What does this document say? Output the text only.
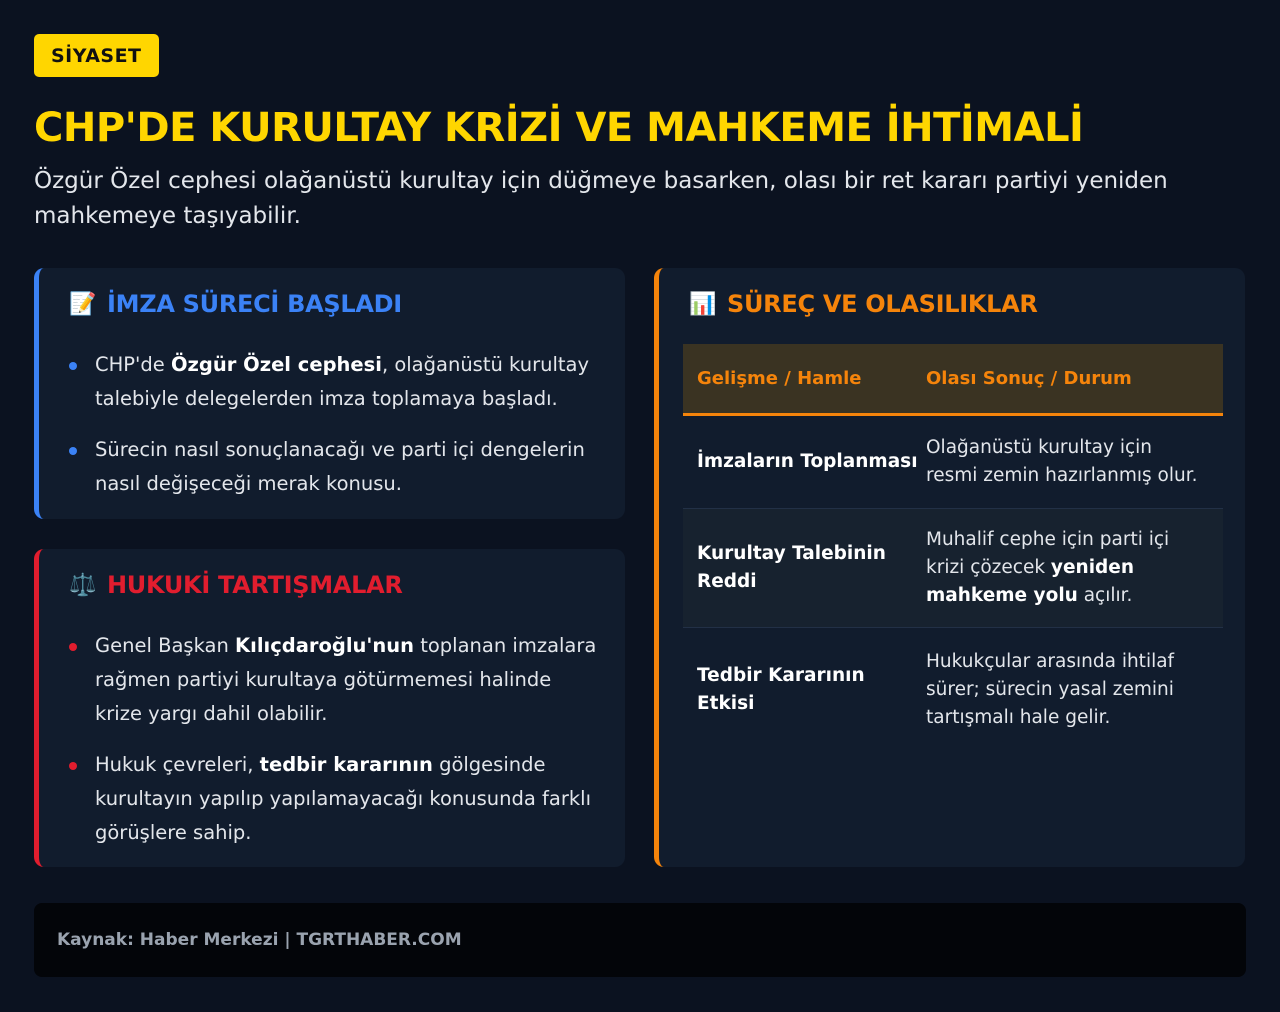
SİYASET
CHP'DE KURULTAY KRİZİ VE MAHKEME İHTİMALİ

Özgür Özel cephesi olağanüstü kurultay için düğmeye basarken, olası bir ret kararı partiyi yeniden mahkemeye taşıyabilir.

📝 İMZA SÜRECİ BAŞLADI
CHP'de Özgür Özel cephesi, olağanüstü kurultay talebiyle delegelerden imza toplamaya başladı.
Sürecin nasıl sonuçlanacağı ve parti içi dengelerin nasıl değişeceği merak konusu.
⚖️ HUKUKİ TARTIŞMALAR
Genel Başkan Kılıçdaroğlu'nun toplanan imzalara rağmen partiyi kurultaya götürmemesi halinde krize yargı dahil olabilir.
Hukuk çevreleri, tedbir kararının gölgesinde kurultayın yapılıp yapılamayacağı konusunda farklı görüşlere sahip.
📊 SÜREÇ VE OLASILIKLAR
Gelişme / Hamle	Olası Sonuç / Durum
İmzaların Toplanması
Olağanüstü kurultay için resmi zemin hazırlanmış olur.
Kurultay Talebinin Reddi
Muhalif cephe için parti içi krizi çözecek yeniden mahkeme yolu açılır.
Tedbir Kararının Etkisi
Hukukçular arasında ihtilaf sürer; sürecin yasal zemini tartışmalı hale gelir.
Kaynak: Haber Merkezi | TGRTHABER.COM
